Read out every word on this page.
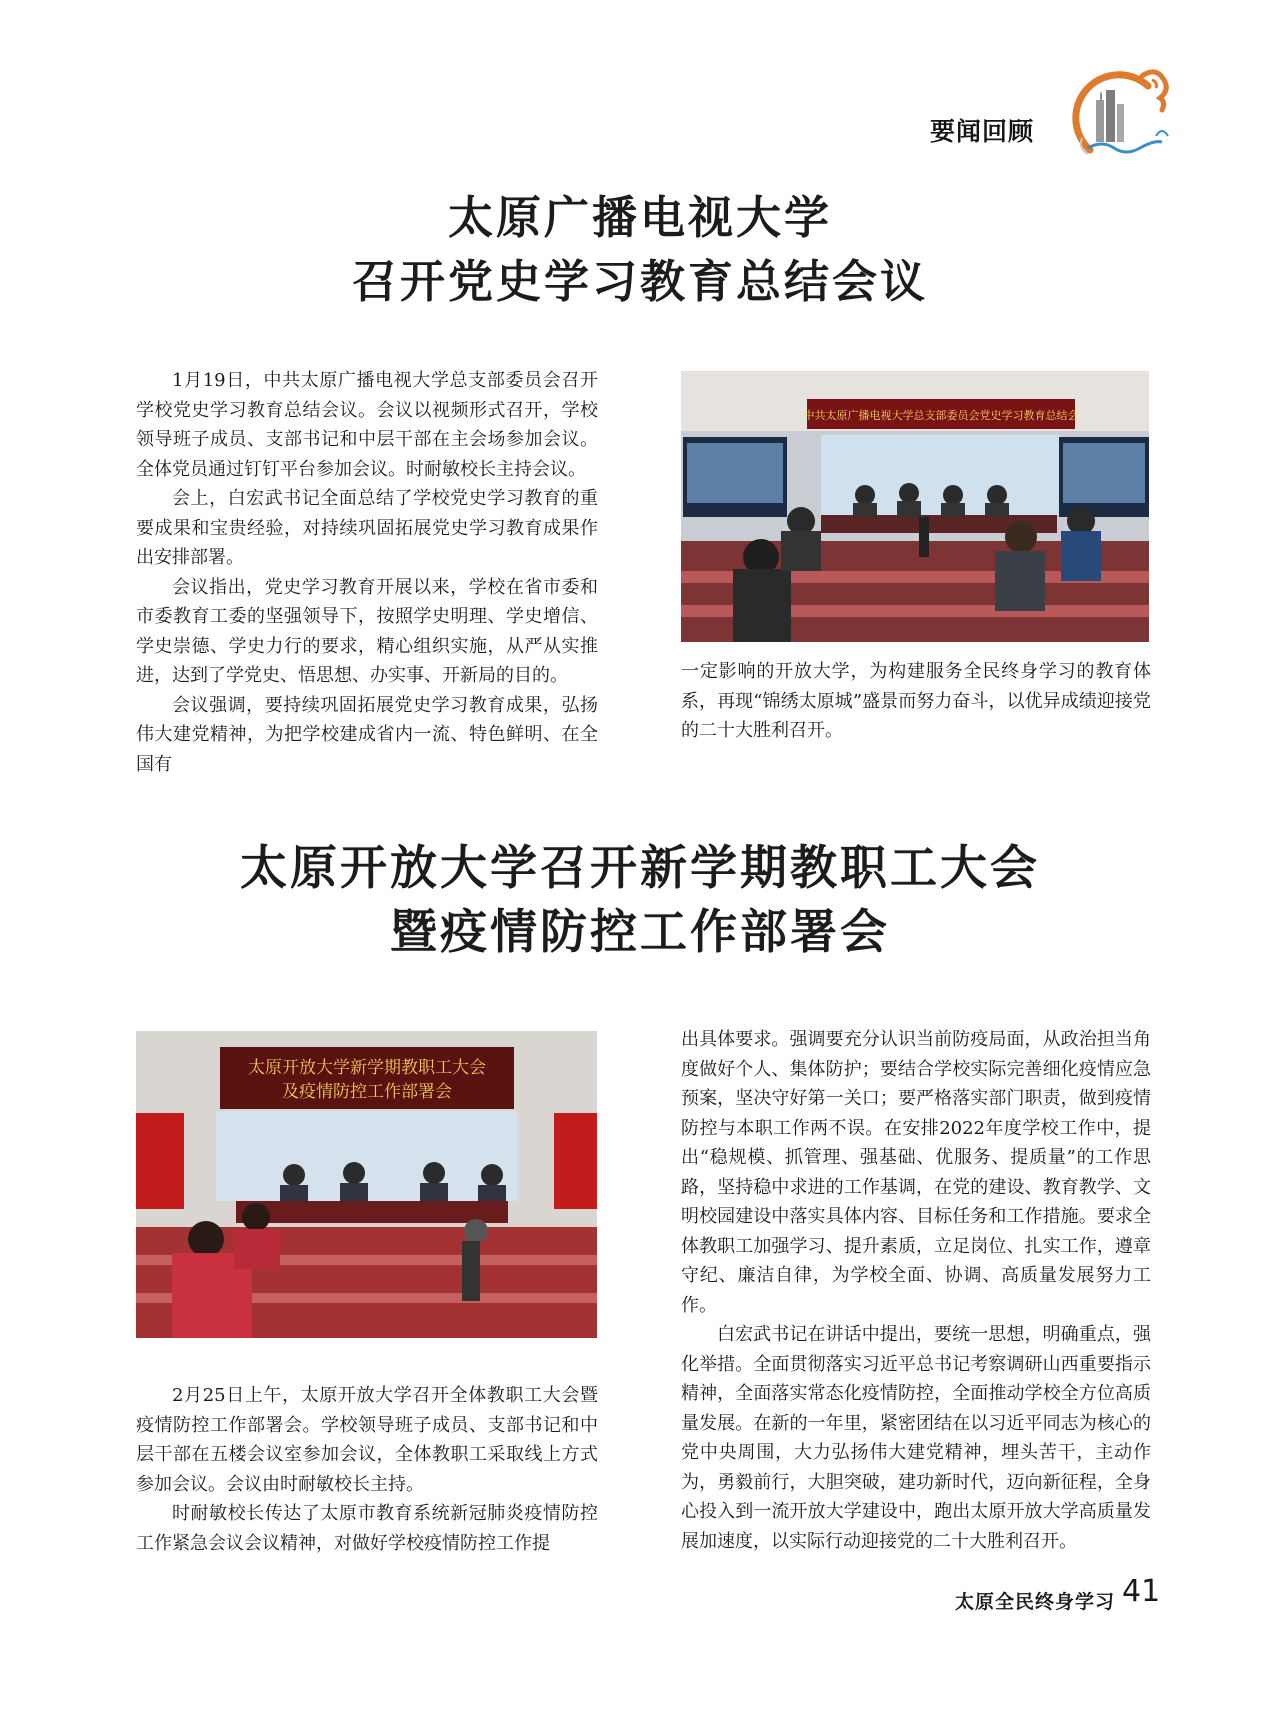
要闻回顾
太原广播电视大学
召开党史学习教育总结会议

1月19日，中共太原广播电视大学总支部委员会召开学校党史学习教育总结会议。会议以视频形式召开，学校领导班子成员、支部书记和中层干部在主会场参加会议。全体党员通过钉钉平台参加会议。时耐敏校长主持会议。

会上，白宏武书记全面总结了学校党史学习教育的重要成果和宝贵经验，对持续巩固拓展党史学习教育成果作出安排部署。

会议指出，党史学习教育开展以来，学校在省市委和市委教育工委的坚强领导下，按照学史明理、学史增信、学史崇德、学史力行的要求，精心组织实施，从严从实推进，达到了学党史、悟思想、办实事、开新局的目的。

会议强调，要持续巩固拓展党史学习教育成果，弘扬伟大建党精神，为把学校建成省内一流、特色鲜明、在全国有

中共太原广播电视大学总支部委员会党史学习教育总结会

一定影响的开放大学，为构建服务全民终身学习的教育体系，再现“锦绣太原城”盛景而努力奋斗，以优异成绩迎接党的二十大胜利召开。

太原开放大学召开新学期教职工大会
暨疫情防控工作部署会
太原开放大学新学期教职工大会
及疫情防控工作部署会

2月25日上午，太原开放大学召开全体教职工大会暨疫情防控工作部署会。学校领导班子成员、支部书记和中层干部在五楼会议室参加会议，全体教职工采取线上方式参加会议。会议由时耐敏校长主持。

时耐敏校长传达了太原市教育系统新冠肺炎疫情防控工作紧急会议会议精神，对做好学校疫情防控工作提

出具体要求。强调要充分认识当前防疫局面，从政治担当角度做好个人、集体防护；要结合学校实际完善细化疫情应急预案，坚决守好第一关口；要严格落实部门职责，做到疫情防控与本职工作两不误。在安排2022年度学校工作中，提出“稳规模、抓管理、强基础、优服务、提质量”的工作思路，坚持稳中求进的工作基调，在党的建设、教育教学、文明校园建设中落实具体内容、目标任务和工作措施。要求全体教职工加强学习、提升素质，立足岗位、扎实工作，遵章守纪、廉洁自律，为学校全面、协调、高质量发展努力工作。

白宏武书记在讲话中提出，要统一思想，明确重点，强化举措。全面贯彻落实习近平总书记考察调研山西重要指示精神，全面落实常态化疫情防控，全面推动学校全方位高质量发展。在新的一年里，紧密团结在以习近平同志为核心的党中央周围，大力弘扬伟大建党精神，埋头苦干，主动作为，勇毅前行，大胆突破，建功新时代，迈向新征程，全身心投入到一流开放大学建设中，跑出太原开放大学高质量发展加速度，以实际行动迎接党的二十大胜利召开。

太原全民终身学习 41
